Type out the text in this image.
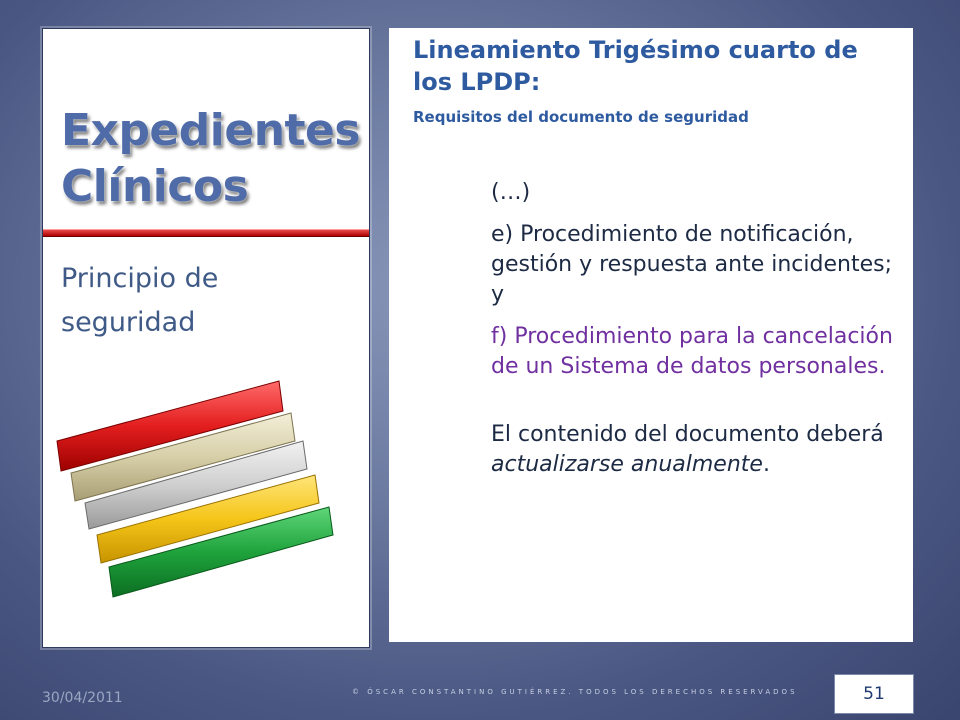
Expedientes
Clínicos
Principio de seguridad
Lineamiento Trigésimo cuarto de los LPDP:
Requisitos del documento de seguridad

(…)

e) Procedimiento de notificación, gestión y respuesta ante incidentes; y

f) Procedimiento para la cancelación de un Sistema de datos personales.

El contenido del documento deberá actualizarse anualmente.

30/04/2011	© ÓSCAR CONSTANTINO GUTIÉRREZ. TODOS LOS DERECHOS RESERVADOS	51
